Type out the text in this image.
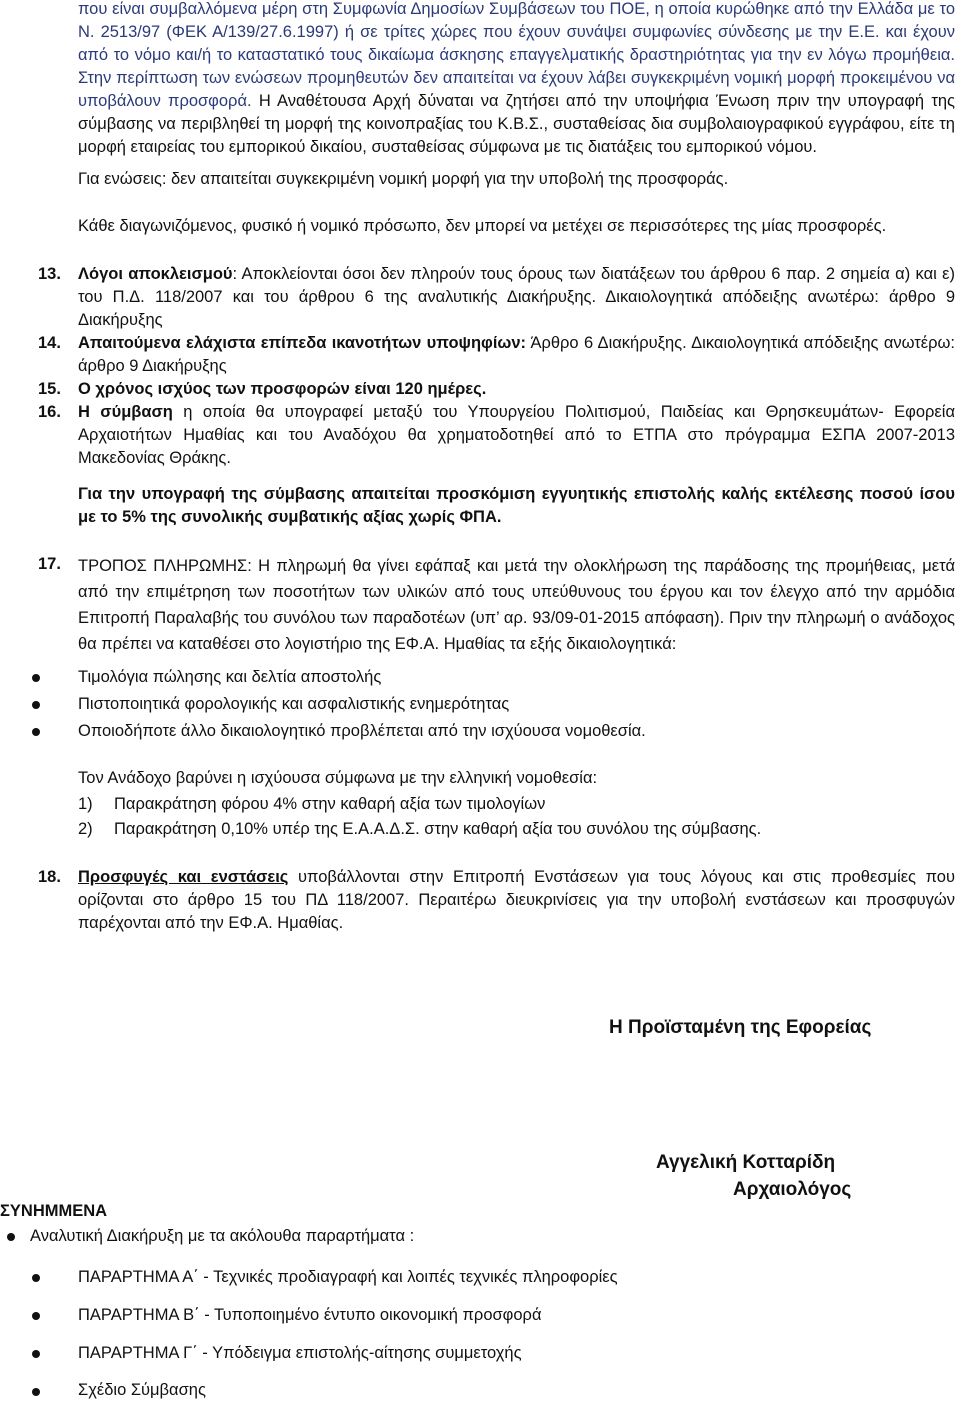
που είναι συμβαλλόμενα μέρη στη Συμφωνία Δημοσίων Συμβάσεων του ΠΟΕ, η οποία κυρώθηκε από την Ελλάδα με το Ν. 2513/97 (ΦΕΚ Α/139/27.6.1997) ή σε τρίτες χώρες που έχουν συνάψει συμφωνίες σύνδεσης με την Ε.Ε. και έχουν από το νόμο και/ή το καταστατικό τους δικαίωμα άσκησης επαγγελματικής δραστηριότητας για την εν λόγω προμήθεια. Στην περίπτωση των ενώσεων προμηθευτών δεν απαιτείται να έχουν λάβει συγκεκριμένη νομική μορφή προκειμένου να υποβάλουν προσφορά. Η Αναθέτουσα Αρχή δύναται να ζητήσει από την υποψήφια Ένωση πριν την υπογραφή της σύμβασης να περιβληθεί τη μορφή της κοινοπραξίας του Κ.Β.Σ., συσταθείσας δια συμβολαιογραφικού εγγράφου, είτε τη μορφή εταιρείας του εμπορικού δικαίου, συσταθείσας σύμφωνα με τις διατάξεις του εμπορικού νόμου.
Για ενώσεις: δεν απαιτείται συγκεκριμένη νομική μορφή για την υποβολή της προσφοράς.
Κάθε διαγωνιζόμενος, φυσικό ή νομικό πρόσωπο, δεν μπορεί να μετέχει σε περισσότερες της μίας προσφορές.
13. Λόγοι αποκλεισμού: Αποκλείονται όσοι δεν πληρούν τους όρους των διατάξεων του άρθρου 6 παρ. 2 σημεία α) και ε) του Π.Δ. 118/2007 και του άρθρου 6 της αναλυτικής Διακήρυξης. Δικαιολογητικά απόδειξης ανωτέρω: άρθρο 9 Διακήρυξης
14. Απαιτούμενα ελάχιστα επίπεδα ικανοτήτων υποψηφίων: Άρθρο 6 Διακήρυξης. Δικαιολογητικά απόδειξης ανωτέρω: άρθρο 9 Διακήρυξης
15. Ο χρόνος ισχύος των προσφορών είναι 120 ημέρες.
16. Η σύμβαση η οποία θα υπογραφεί μεταξύ του Υπουργείου Πολιτισμού, Παιδείας και Θρησκευμάτων- Εφορεία Αρχαιοτήτων Ημαθίας και του Αναδόχου θα χρηματοδοτηθεί από το ΕΤΠΑ στο πρόγραμμα ΕΣΠΑ 2007-2013 Μακεδονίας Θράκης.
Για την υπογραφή της σύμβασης απαιτείται προσκόμιση εγγυητικής επιστολής καλής εκτέλεσης ποσού ίσου με το 5% της συνολικής συμβατικής αξίας χωρίς ΦΠΑ.
17. ΤΡΟΠΟΣ ΠΛΗΡΩΜΗΣ: Η πληρωμή θα γίνει εφάπαξ και μετά την ολοκλήρωση της παράδοσης της προμήθειας, μετά από την επιμέτρηση των ποσοτήτων των υλικών από τους υπεύθυνους του έργου και τον έλεγχο από την αρμόδια Επιτροπή Παραλαβής του συνόλου των παραδοτέων (υπ’ αρ. 93/09-01-2015 απόφαση). Πριν την πληρωμή ο ανάδοχος θα πρέπει να καταθέσει στο λογιστήριο της ΕΦ.Α. Ημαθίας τα εξής δικαιολογητικά:
Τιμολόγια πώλησης και δελτία αποστολής
Πιστοποιητικά φορολογικής και ασφαλιστικής ενημερότητας
Οποιοδήποτε άλλο δικαιολογητικό προβλέπεται από την ισχύουσα νομοθεσία.
Τον Ανάδοχο βαρύνει η ισχύουσα σύμφωνα με την ελληνική νομοθεσία:
1) Παρακράτηση φόρου 4% στην καθαρή αξία των τιμολογίων
2) Παρακράτηση 0,10% υπέρ της Ε.Α.Α.Δ.Σ. στην καθαρή αξία του συνόλου της σύμβασης.
18. Προσφυγές και ενστάσεις υποβάλλονται στην Επιτροπή Ενστάσεων για τους λόγους και στις προθεσμίες που ορίζονται στο άρθρο 15 του ΠΔ 118/2007. Περαιτέρω διευκρινίσεις για την υποβολή ενστάσεων και προσφυγών παρέχονται από την ΕΦ.Α. Ημαθίας.
Η Προϊσταμένη της Εφορείας
Αγγελική Κοτταρίδη
Αρχαιολόγος
ΣΥΝΗΜΜΕΝΑ
Αναλυτική Διακήρυξη με τα ακόλουθα παραρτήματα :
ΠΑΡΑΡΤΗΜΑ Α΄ - Τεχνικές προδιαγραφή και λοιπές τεχνικές πληροφορίες
ΠΑΡΑΡΤΗΜΑ Β΄ - Τυποποιημένο έντυπο οικονομική προσφορά
ΠΑΡΑΡΤΗΜΑ Γ΄ - Υπόδειγμα επιστολής-αίτησης συμμετοχής
Σχέδιο Σύμβασης
